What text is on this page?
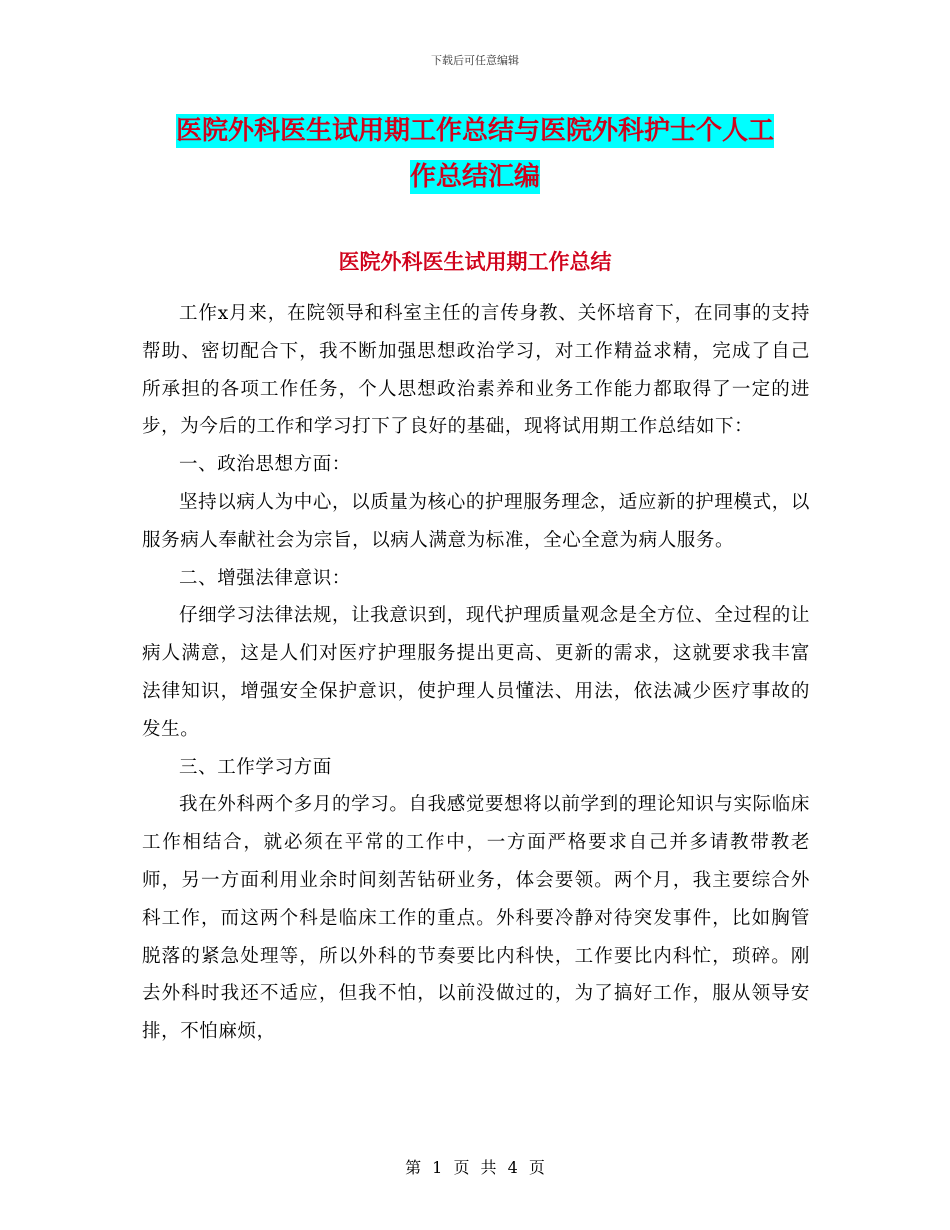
下载后可任意编辑
医院外科医生试用期工作总结与医院外科护士个人工
作总结汇编
医院外科医生试用期工作总结

工作x月来，在院领导和科室主任的言传身教、关怀培育下，在同事的支持帮助、密切配合下，我不断加强思想政治学习，对工作精益求精，完成了自己所承担的各项工作任务，个人思想政治素养和业务工作能力都取得了一定的进步，为今后的工作和学习打下了良好的基础，现将试用期工作总结如下：

一、政治思想方面：

坚持以病人为中心，以质量为核心的护理服务理念，适应新的护理模式，以服务病人奉献社会为宗旨，以病人满意为标准，全心全意为病人服务。

二、增强法律意识：

仔细学习法律法规，让我意识到，现代护理质量观念是全方位、全过程的让病人满意，这是人们对医疗护理服务提出更高、更新的需求，这就要求我丰富法律知识，增强安全保护意识，使护理人员懂法、用法，依法减少医疗事故的发生。

三、工作学习方面

我在外科两个多月的学习。自我感觉要想将以前学到的理论知识与实际临床工作相结合，就必须在平常的工作中，一方面严格要求自己并多请教带教老师，另一方面利用业余时间刻苦钻研业务，体会要领。两个月，我主要综合外科工作，而这两个科是临床工作的重点。外科要冷静对待突发事件，比如胸管脱落的紧急处理等，所以外科的节奏要比内科快，工作要比内科忙，琐碎。刚去外科时我还不适应，但我不怕，以前没做过的，为了搞好工作，服从领导安排，不怕麻烦，

第 1 页 共 4 页
